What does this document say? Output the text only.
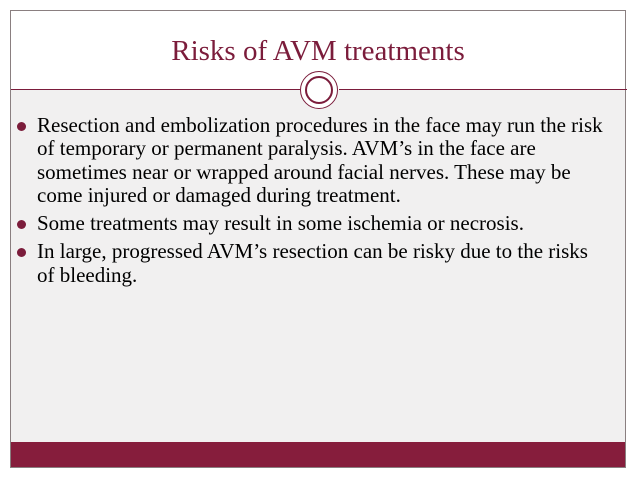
Risks of AVM treatments
Resection and embolization procedures in the face may run the risk of temporary or permanent paralysis. AVM’s in the face are sometimes near or wrapped around facial nerves. These may be come injured or damaged during treatment.
Some treatments may result in some ischemia or necrosis.
In large, progressed AVM’s resection can be risky due to the risks of bleeding.
